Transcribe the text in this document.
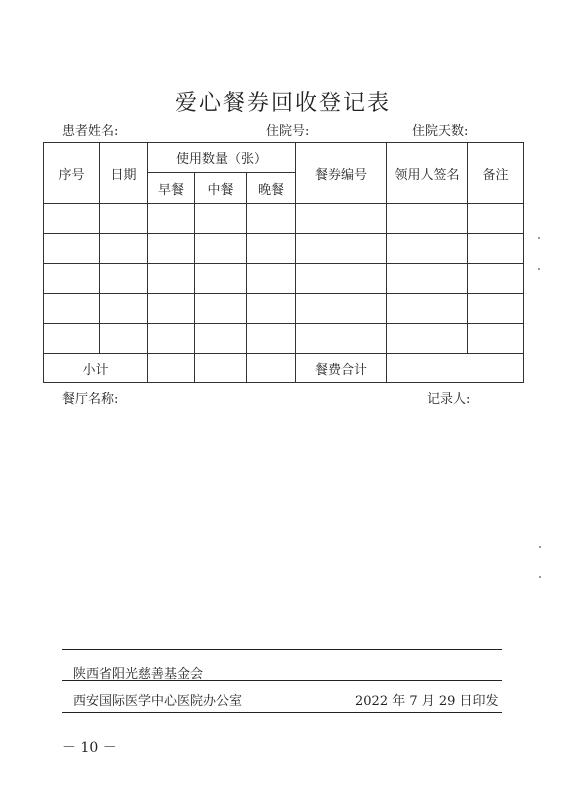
爱心餐券回收登记表
患者姓名:	住院号:	住院天数:
序号	日期	使用数量（张）			餐券编号	领用人签名	备注
		早餐	中餐	晚餐			

小计					餐费合计		
餐厅名称:	记录人:
陕西省阳光慈善基金会
西安国际医学中心医院办公室	2022 年 7 月 29 日印发
－ 10 －
